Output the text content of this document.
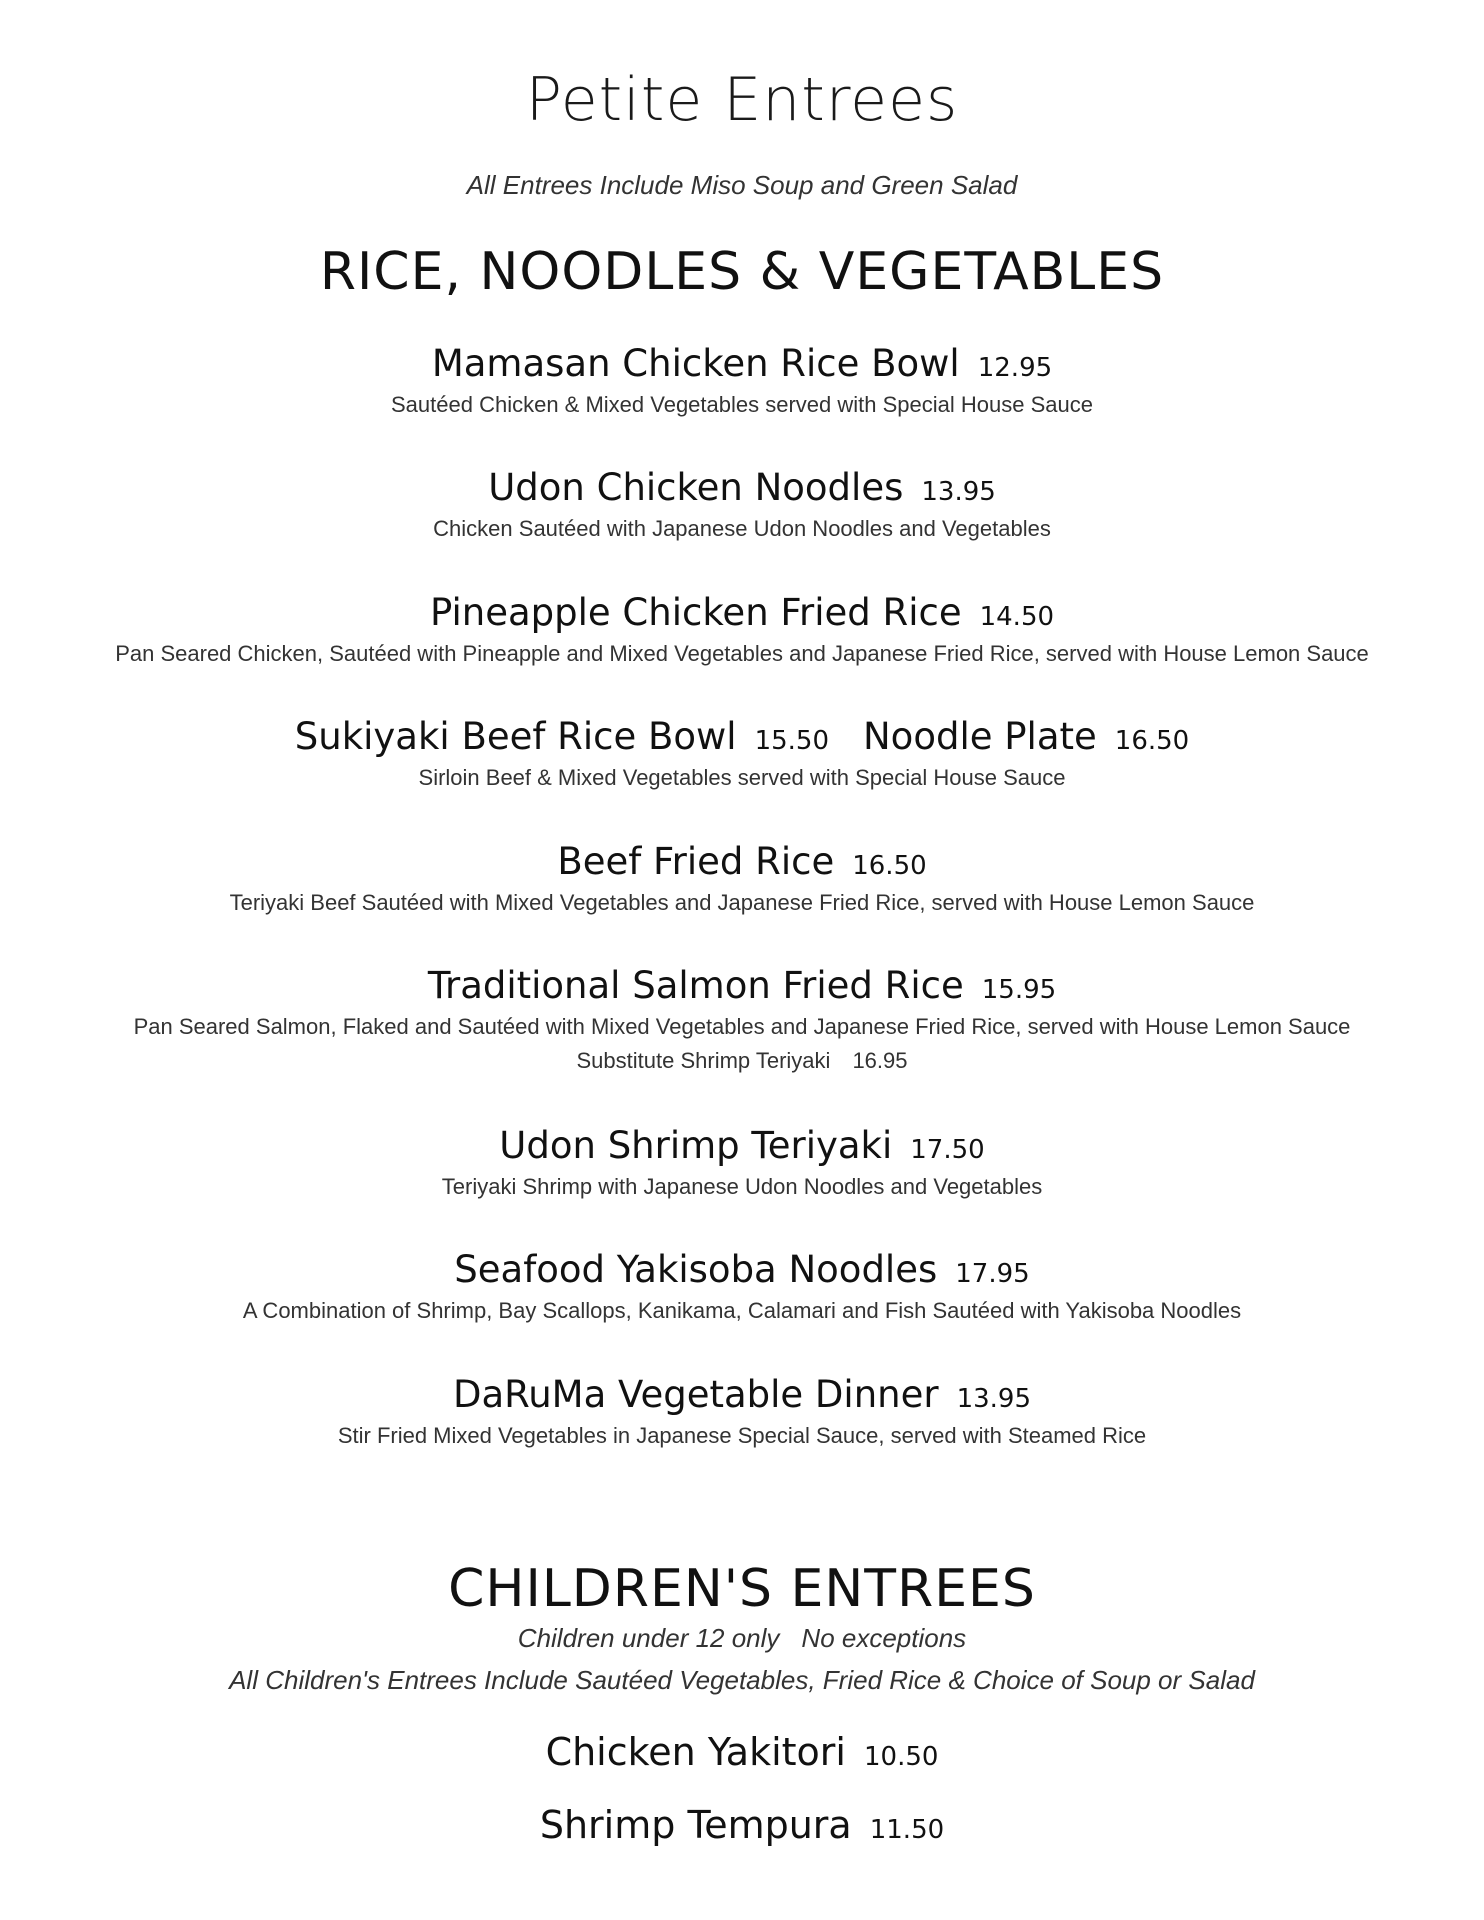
Petite Entrees
All Entrees Include Miso Soup and Green Salad
RICE, NOODLES & VEGETABLES
Mamasan Chicken Rice Bowl 12.95
Sautéed Chicken & Mixed Vegetables served with Special House Sauce
Udon Chicken Noodles 13.95
Chicken Sautéed with Japanese Udon Noodles and Vegetables
Pineapple Chicken Fried Rice 14.50
Pan Seared Chicken, Sautéed with Pineapple and Mixed Vegetables and Japanese Fried Rice, served with House Lemon Sauce
Sukiyaki Beef Rice Bowl 15.50 Noodle Plate 16.50
Sirloin Beef & Mixed Vegetables served with Special House Sauce
Beef Fried Rice 16.50
Teriyaki Beef Sautéed with Mixed Vegetables and Japanese Fried Rice, served with House Lemon Sauce
Traditional Salmon Fried Rice 15.95
Pan Seared Salmon, Flaked and Sautéed with Mixed Vegetables and Japanese Fried Rice, served with House Lemon Sauce
Substitute Shrimp Teriyaki 16.95
Udon Shrimp Teriyaki 17.50
Teriyaki Shrimp with Japanese Udon Noodles and Vegetables
Seafood Yakisoba Noodles 17.95
A Combination of Shrimp, Bay Scallops, Kanikama, Calamari and Fish Sautéed with Yakisoba Noodles
DaRuMa Vegetable Dinner 13.95
Stir Fried Mixed Vegetables in Japanese Special Sauce, served with Steamed Rice
CHILDREN'S ENTREES
Children under 12 only No exceptions
All Children's Entrees Include Sautéed Vegetables, Fried Rice & Choice of Soup or Salad
Chicken Yakitori 10.50
Shrimp Tempura 11.50
